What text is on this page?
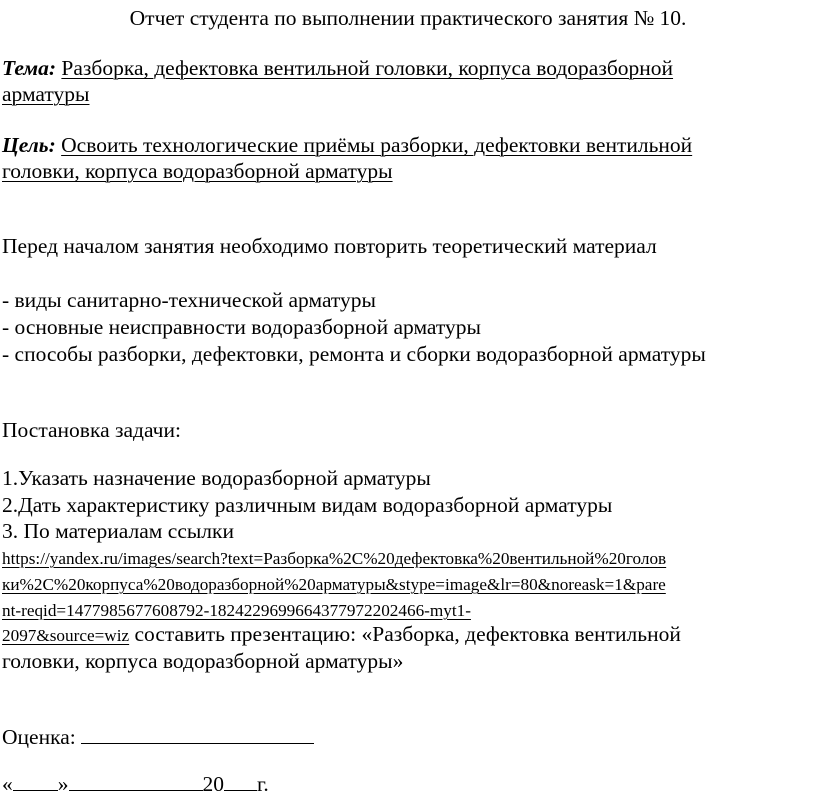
Отчет студента по выполнении практического занятия № 10.
Тема: Разборка, дефектовка вентильной головки, корпуса водоразборной
арматуры
Цель: Освоить технологические приёмы разборки, дефектовки вентильной
головки, корпуса водоразборной арматуры
Перед началом занятия необходимо повторить теоретический материал
- виды санитарно-технической арматуры
- основные неисправности водоразборной арматуры
- способы разборки, дефектовки, ремонта и сборки водоразборной арматуры
Постановка задачи:
1.Указать назначение водоразборной арматуры
2.Дать характеристику различным видам водоразборной арматуры
3. По материалам ссылки
https://yandex.ru/images/search?text=Разборка%2C%20дефектовка%20вентильной%20голов
ки%2C%20корпуса%20водоразборной%20арматуры&stype=image&lr=80&noreask=1&pare
nt-reqid=1477985677608792-1824229699664377972202466-myt1-
2097&source=wiz составить презентацию: «Разборка, дефектовка вентильной
головки, корпуса водоразборной арматуры»
Оценка:
« »	20 г.
